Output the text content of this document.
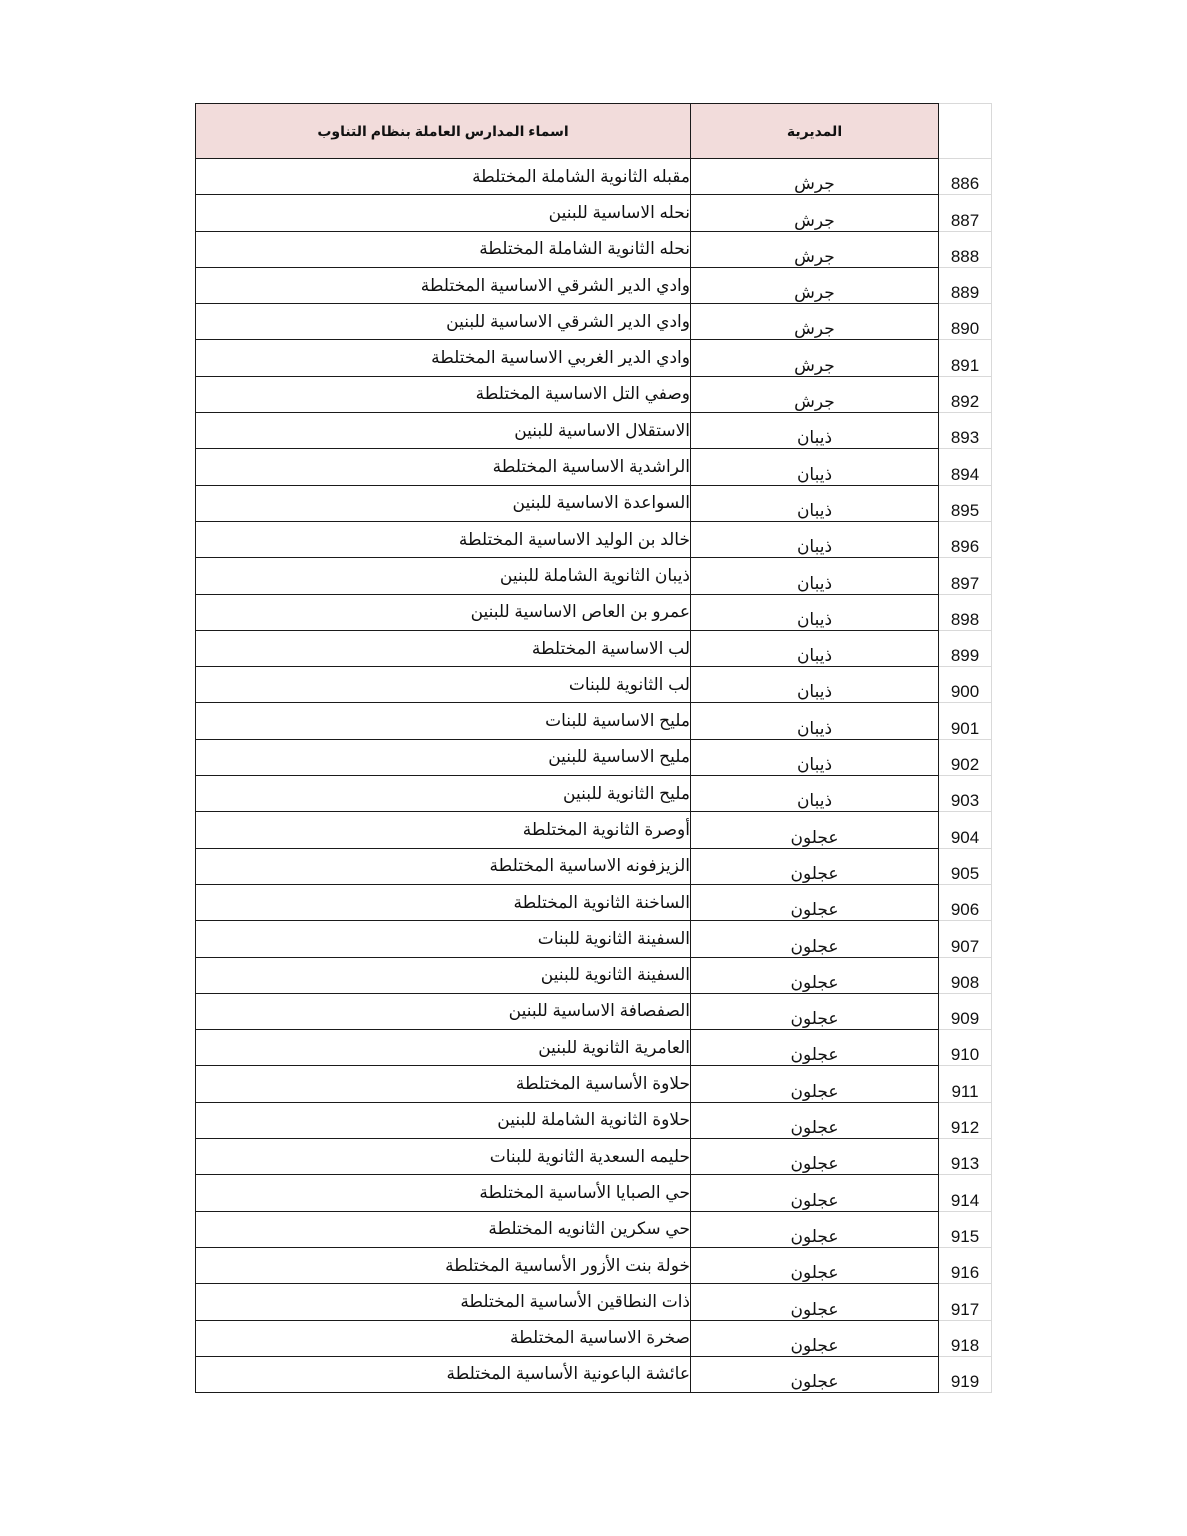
اسماء المدارس العاملة بنظام التناوب	المديرية	
مقبله الثانوية الشاملة المختلطة	جرش	886
نحله الاساسية للبنين	جرش	887
نحله الثانوية الشاملة المختلطة	جرش	888
وادي الدير الشرقي الاساسية المختلطة	جرش	889
وادي الدير الشرقي الاساسية للبنين	جرش	890
وادي الدير الغربي الاساسية المختلطة	جرش	891
وصفي التل الاساسية المختلطة	جرش	892
الاستقلال الاساسية للبنين	ذيبان	893
الراشدية الاساسية المختلطة	ذيبان	894
السواعدة الاساسية للبنين	ذيبان	895
خالد بن الوليد الاساسية المختلطة	ذيبان	896
ذيبان الثانوية الشاملة للبنين	ذيبان	897
عمرو بن العاص الاساسية للبنين	ذيبان	898
لب الاساسية المختلطة	ذيبان	899
لب الثانوية للبنات	ذيبان	900
مليح الاساسية للبنات	ذيبان	901
مليح الاساسية للبنين	ذيبان	902
مليح الثانوية للبنين	ذيبان	903
أوصرة الثانوية المختلطة	عجلون	904
الزيزفونه الاساسية المختلطة	عجلون	905
الساخنة الثانوية المختلطة	عجلون	906
السفينة الثانوية للبنات	عجلون	907
السفينة الثانوية للبنين	عجلون	908
الصفصافة الاساسية للبنين	عجلون	909
العامرية الثانوية للبنين	عجلون	910
حلاوة الأساسية المختلطة	عجلون	911
حلاوة الثانوية الشاملة للبنين	عجلون	912
حليمه السعدية الثانوية للبنات	عجلون	913
حي الصبايا الأساسية المختلطة	عجلون	914
حي سكرين الثانويه المختلطة	عجلون	915
خولة بنت الأزور الأساسية المختلطة	عجلون	916
ذات النطاقين الأساسية المختلطة	عجلون	917
صخرة الاساسية المختلطة	عجلون	918
عائشة الباعونية الأساسية المختلطة	عجلون	919
